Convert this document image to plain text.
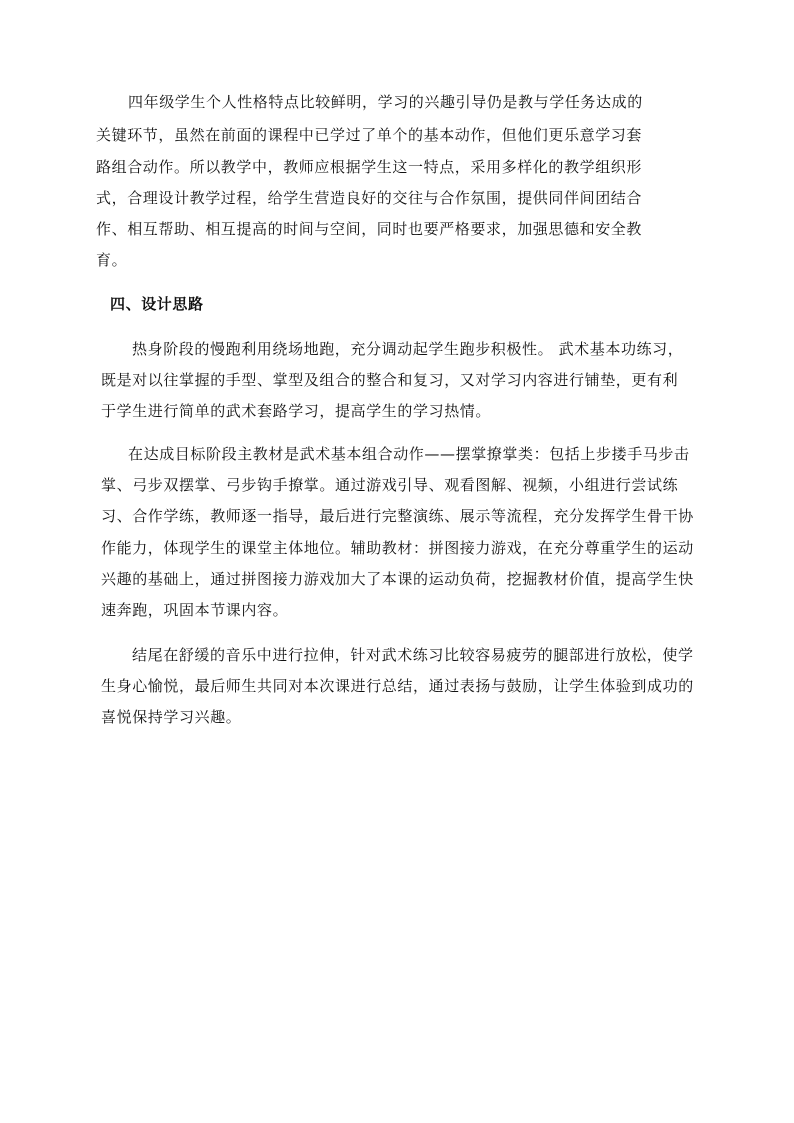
四年级学生个人性格特点比较鲜明，学习的兴趣引导仍是教与学任务达成的
关键环节，虽然在前面的课程中已学过了单个的基本动作，但他们更乐意学习套
路组合动作。所以教学中，教师应根据学生这一特点，采用多样化的教学组织形
式，合理设计教学过程，给学生营造良好的交往与合作氛围，提供同伴间团结合
作、相互帮助、相互提高的时间与空间，同时也要严格要求，加强思德和安全教
育。
四、设计思路
热身阶段的慢跑利用绕场地跑，充分调动起学生跑步积极性。 武术基本功练习，
既是对以往掌握的手型、掌型及组合的整合和复习，又对学习内容进行铺垫，更有利
于学生进行简单的武术套路学习，提高学生的学习热情。
在达成目标阶段主教材是武术基本组合动作——摆掌撩掌类：包括上步搂手马步击
掌、弓步双摆掌、弓步钩手撩掌。通过游戏引导、观看图解、视频，小组进行尝试练
习、合作学练，教师逐一指导，最后进行完整演练、展示等流程，充分发挥学生骨干协
作能力，体现学生的课堂主体地位。辅助教材：拼图接力游戏，在充分尊重学生的运动
兴趣的基础上，通过拼图接力游戏加大了本课的运动负荷，挖掘教材价值，提高学生快
速奔跑，巩固本节课内容。
结尾在舒缓的音乐中进行拉伸，针对武术练习比较容易疲劳的腿部进行放松，使学
生身心愉悦，最后师生共同对本次课进行总结，通过表扬与鼓励，让学生体验到成功的
喜悦保持学习兴趣。
